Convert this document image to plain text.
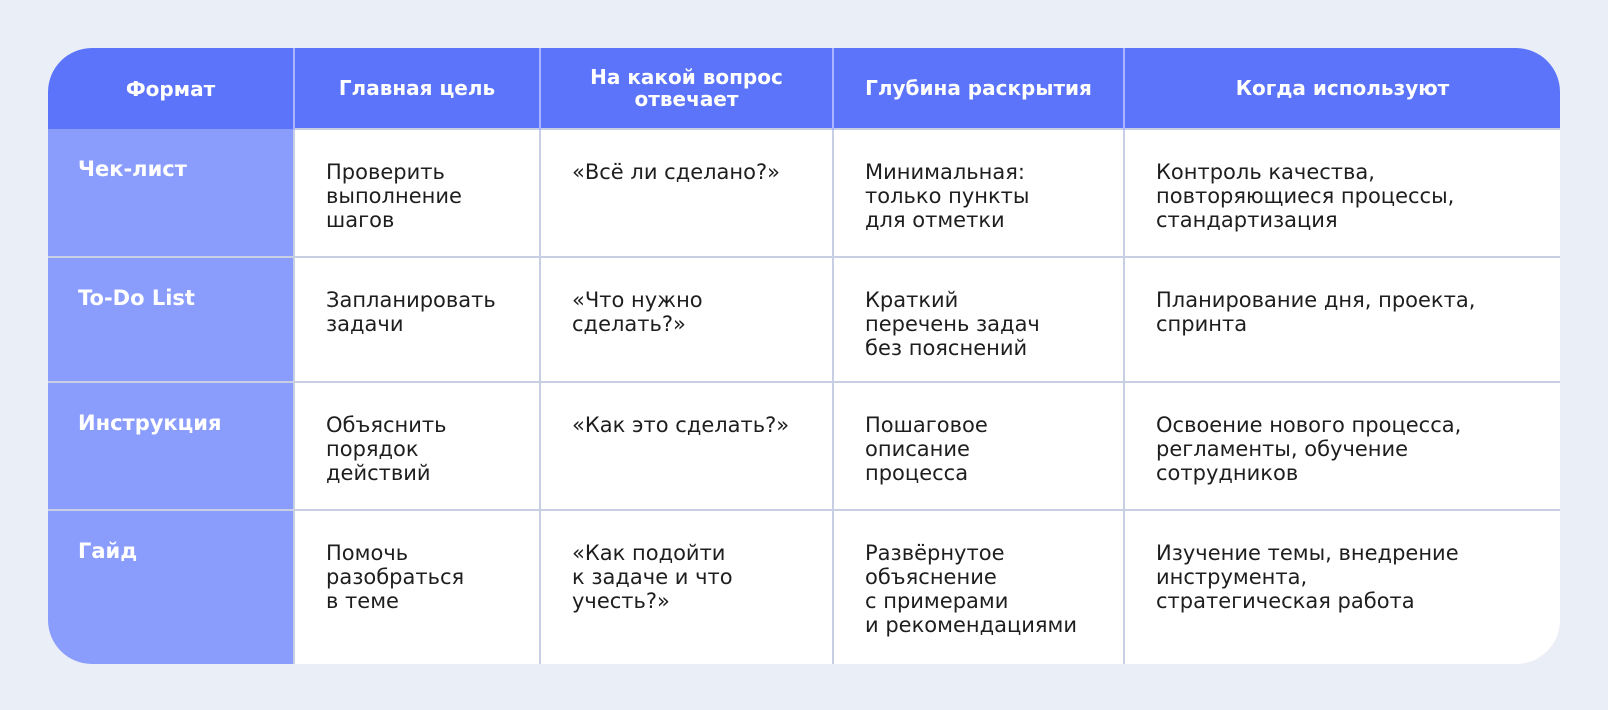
Формат	Главная цель	На какой вопрос отвечает	Глубина раскрытия	Когда используют
Чек-лист	Проверить
выполнение
шагов	«Всё ли сделано?»	Минимальная:
только пункты
для отметки	Контроль качества,
повторяющиеся процессы,
стандартизация
To-Do List	Запланировать
задачи	«Что нужно
сделать?»	Краткий
перечень задач
без пояснений	Планирование дня, проекта,
спринта
Инструкция	Объяснить
порядок
действий	«Как это сделать?»	Пошаговое
описание
процесса	Освоение нового процесса,
регламенты, обучение
сотрудников
Гайд	Помочь
разобраться
в теме	«Как подойти
к задаче и что
учесть?»	Развёрнутое
объяснение
с примерами
и рекомендациями	Изучение темы, внедрение
инструмента,
стратегическая работа
